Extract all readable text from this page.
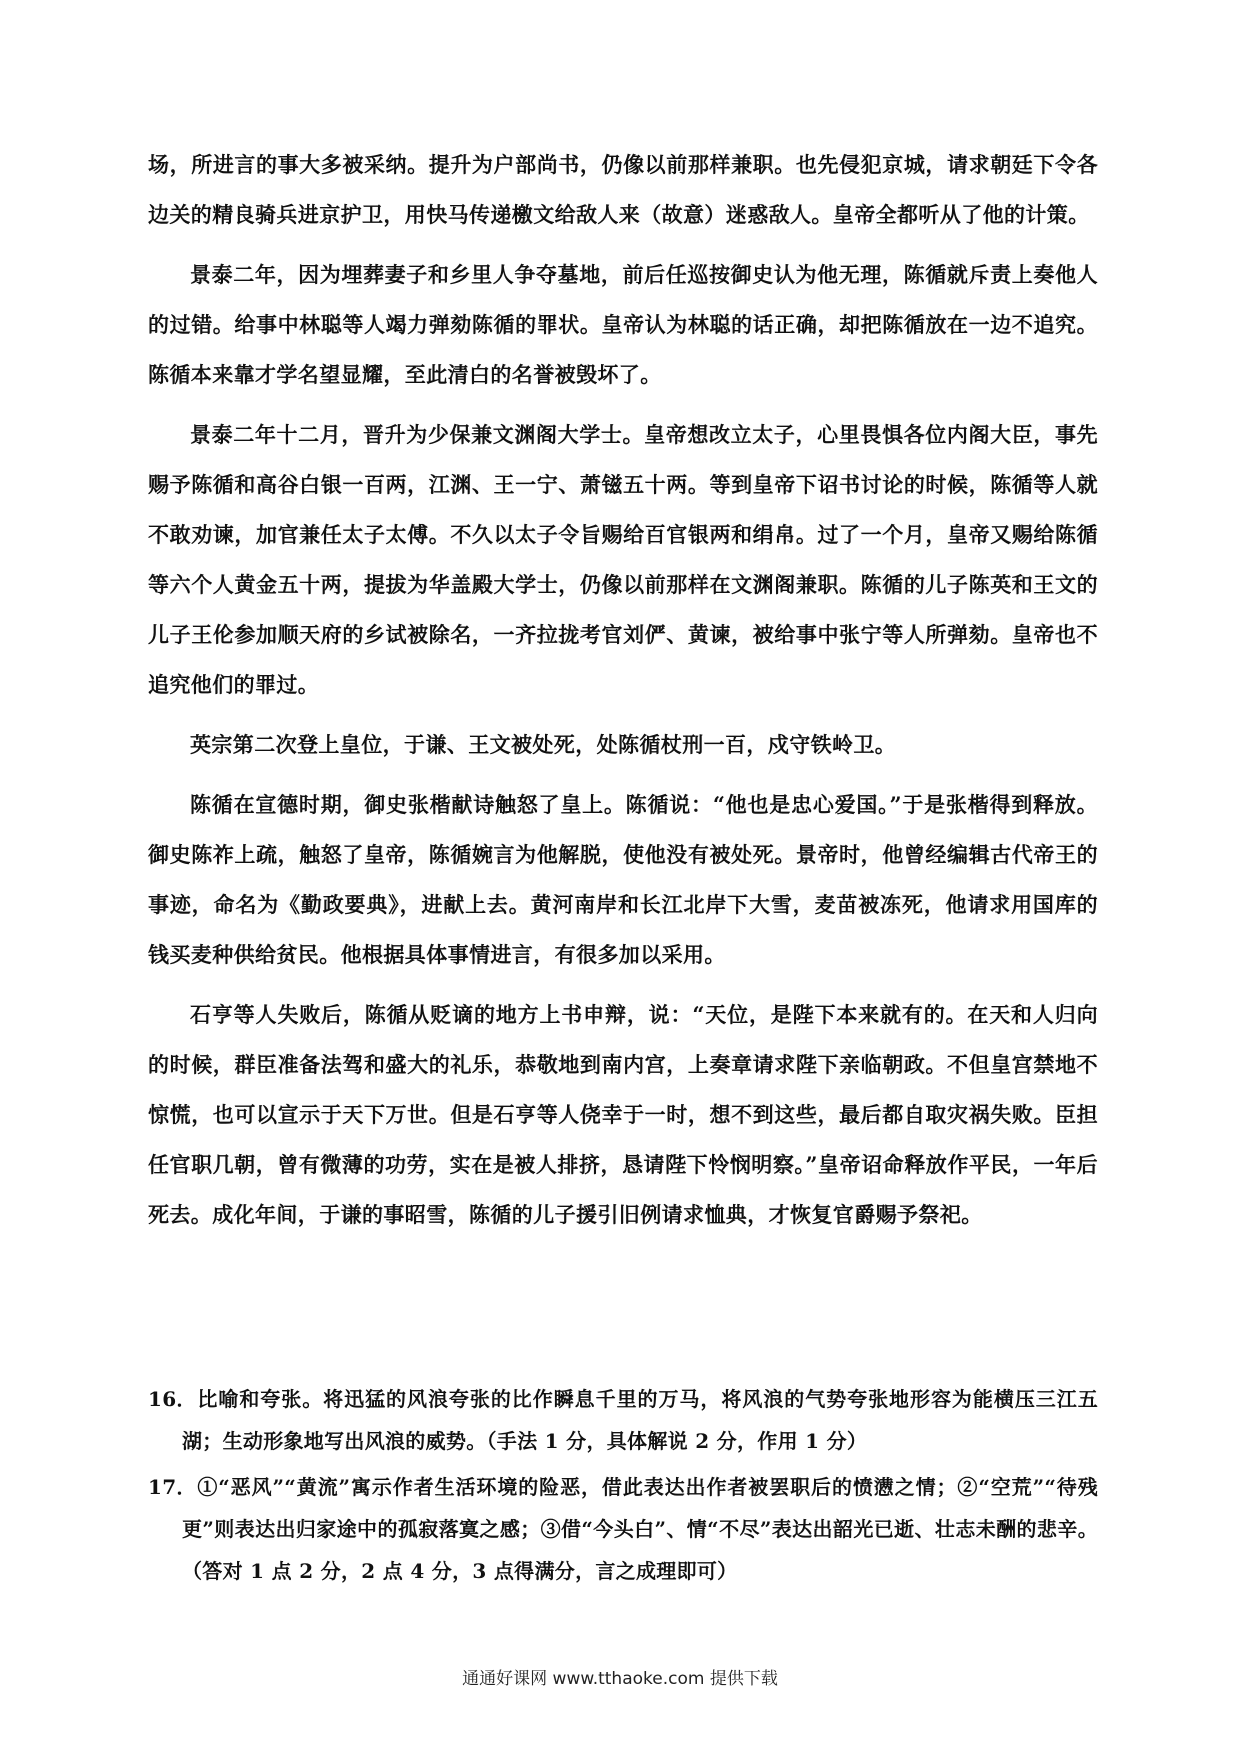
场，所进言的事大多被采纳。提升为户部尚书，仍像以前那样兼职。也先侵犯京城，请求朝廷下令各边关的精良骑兵进京护卫，用快马传递檄文给敌人来（故意）迷惑敌人。皇帝全都听从了他的计策。

景泰二年，因为埋葬妻子和乡里人争夺墓地，前后任巡按御史认为他无理，陈循就斥责上奏他人的过错。给事中林聪等人竭力弹劾陈循的罪状。皇帝认为林聪的话正确，却把陈循放在一边不追究。陈循本来靠才学名望显耀，至此清白的名誉被毁坏了。

景泰二年十二月，晋升为少保兼文渊阁大学士。皇帝想改立太子，心里畏惧各位内阁大臣，事先赐予陈循和高谷白银一百两，江渊、王一宁、萧镃五十两。等到皇帝下诏书讨论的时候，陈循等人就不敢劝谏，加官兼任太子太傅。不久以太子令旨赐给百官银两和绢帛。过了一个月，皇帝又赐给陈循等六个人黄金五十两，提拔为华盖殿大学士，仍像以前那样在文渊阁兼职。陈循的儿子陈英和王文的儿子王伦参加顺天府的乡试被除名，一齐拉拢考官刘俨、黄谏，被给事中张宁等人所弹劾。皇帝也不追究他们的罪过。

英宗第二次登上皇位，于谦、王文被处死，处陈循杖刑一百，戍守铁岭卫。

陈循在宣德时期，御史张楷献诗触怒了皇上。陈循说：“他也是忠心爱国。”于是张楷得到释放。御史陈祚上疏，触怒了皇帝，陈循婉言为他解脱，使他没有被处死。景帝时，他曾经编辑古代帝王的事迹，命名为《勤政要典》，进献上去。黄河南岸和长江北岸下大雪，麦苗被冻死，他请求用国库的钱买麦种供给贫民。他根据具体事情进言，有很多加以采用。

石亨等人失败后，陈循从贬谪的地方上书申辩，说：“天位，是陛下本来就有的。在天和人归向的时候，群臣准备法驾和盛大的礼乐，恭敬地到南内宫，上奏章请求陛下亲临朝政。不但皇宫禁地不惊慌，也可以宣示于天下万世。但是石亨等人侥幸于一时，想不到这些，最后都自取灾祸失败。臣担任官职几朝，曾有微薄的功劳，实在是被人排挤，恳请陛下怜悯明察。”皇帝诏命释放作平民，一年后死去。成化年间，于谦的事昭雪，陈循的儿子援引旧例请求恤典，才恢复官爵赐予祭祀。

16．比喻和夸张。将迅猛的风浪夸张的比作瞬息千里的万马，将风浪的气势夸张地形容为能横压三江五湖；生动形象地写出风浪的威势。（手法 1 分，具体解说 2 分，作用 1 分）

17．①“恶风”“黄流”寓示作者生活环境的险恶，借此表达出作者被罢职后的愤懑之情；②“空荒”“待残更”则表达出归家途中的孤寂落寞之感；③借“今头白”、情“不尽”表达出韶光已逝、壮志未酬的悲辛。（答对 1 点 2 分，2 点 4 分，3 点得满分，言之成理即可）

通通好课网 www.tthaoke.com 提供下载
